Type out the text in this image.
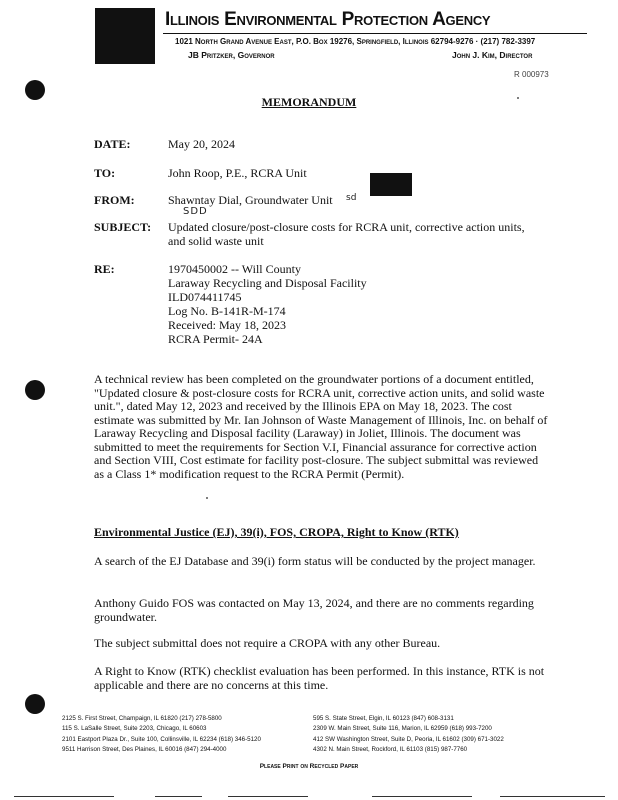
Illinois Environmental Protection Agency
1021 North Grand Avenue East, P.O. Box 19276, Springfield, Illinois 62794-9276 · (217) 782-3397
JB Pritzker, Governor	John J. Kim, Director
R 000973
MEMORANDUM
DATE:	May 20, 2024
TO:	John Roop, P.E., RCRA Unit
FROM:	Shawntay Dial, Groundwater Unit sd
SDD
SUBJECT: Updated closure/post-closure costs for RCRA unit, corrective action units,
and solid waste unit
RE:	1970450002 -- Will County
Laraway Recycling and Disposal Facility
ILD074411745
Log No. B-141R-M-174
Received: May 18, 2023
RCRA Permit- 24A
A technical review has been completed on the groundwater portions of a document entitled, "Updated closure & post-closure costs for RCRA unit, corrective action units, and solid waste unit.", dated May 12, 2023 and received by the Illinois EPA on May 18, 2023. The cost estimate was submitted by Mr. Ian Johnson of Waste Management of Illinois, Inc. on behalf of Laraway Recycling and Disposal facility (Laraway) in Joliet, Illinois. The document was submitted to meet the requirements for Section V.I, Financial assurance for corrective action and Section VIII, Cost estimate for facility post-closure. The subject submittal was reviewed as a Class 1* modification request to the RCRA Permit (Permit).
Environmental Justice (EJ), 39(i), FOS, CROPA, Right to Know (RTK)
A search of the EJ Database and 39(i) form status will be conducted by the project manager.
Anthony Guido FOS was contacted on May 13, 2024, and there are no comments regarding groundwater.
The subject submittal does not require a CROPA with any other Bureau.
A Right to Know (RTK) checklist evaluation has been performed. In this instance, RTK is not applicable and there are no concerns at this time.
2125 S. First Street, Champaign, IL 61820 (217) 278-5800
115 S. LaSalle Street, Suite 2203, Chicago, IL 60603
2101 Eastport Plaza Dr., Suite 100, Collinsville, IL 62234 (618) 346-5120
9511 Harrison Street, Des Plaines, IL 60016 (847) 294-4000
595 S. State Street, Elgin, IL 60123 (847) 608-3131
2309 W. Main Street, Suite 116, Marion, IL 62959 (618) 993-7200
412 SW Washington Street, Suite D, Peoria, IL 61602 (309) 671-3022
4302 N. Main Street, Rockford, IL 61103 (815) 987-7760
Please Print on Recycled Paper
